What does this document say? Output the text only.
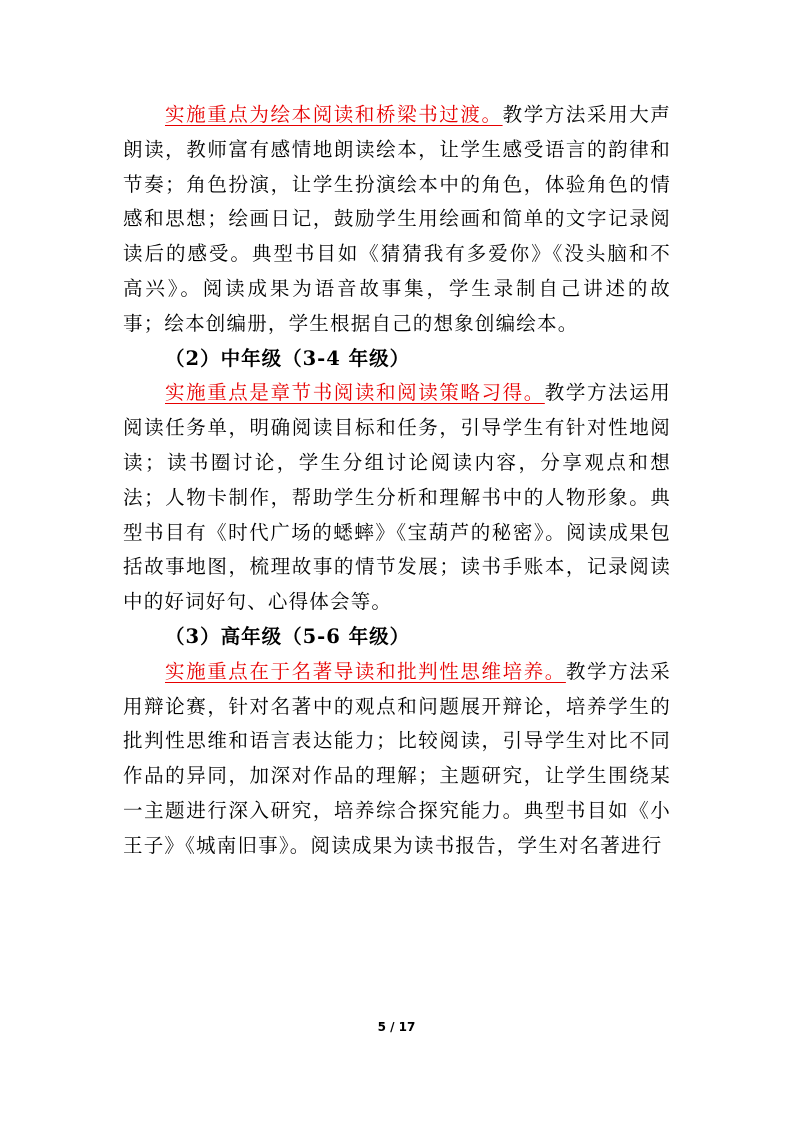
实施重点为绘本阅读和桥梁书过渡。教学方法采用大声朗读，教师富有感情地朗读绘本，让学生感受语言的韵律和节奏；角色扮演，让学生扮演绘本中的角色，体验角色的情感和思想；绘画日记，鼓励学生用绘画和简单的文字记录阅读后的感受。典型书目如《猜猜我有多爱你》《没头脑和不高兴》。阅读成果为语音故事集，学生录制自己讲述的故事；绘本创编册，学生根据自己的想象创编绘本。

（2）中年级（3-4 年级）

实施重点是章节书阅读和阅读策略习得。教学方法运用阅读任务单，明确阅读目标和任务，引导学生有针对性地阅读；读书圈讨论，学生分组讨论阅读内容，分享观点和想法；人物卡制作，帮助学生分析和理解书中的人物形象。典型书目有《时代广场的蟋蟀》《宝葫芦的秘密》。阅读成果包括故事地图，梳理故事的情节发展；读书手账本，记录阅读中的好词好句、心得体会等。

（3）高年级（5-6 年级）

实施重点在于名著导读和批判性思维培养。教学方法采用辩论赛，针对名著中的观点和问题展开辩论，培养学生的批判性思维和语言表达能力；比较阅读，引导学生对比不同作品的异同，加深对作品的理解；主题研究，让学生围绕某一主题进行深入研究，培养综合探究能力。典型书目如《小王子》《城南旧事》。阅读成果为读书报告，学生对名著进行

5 / 17
